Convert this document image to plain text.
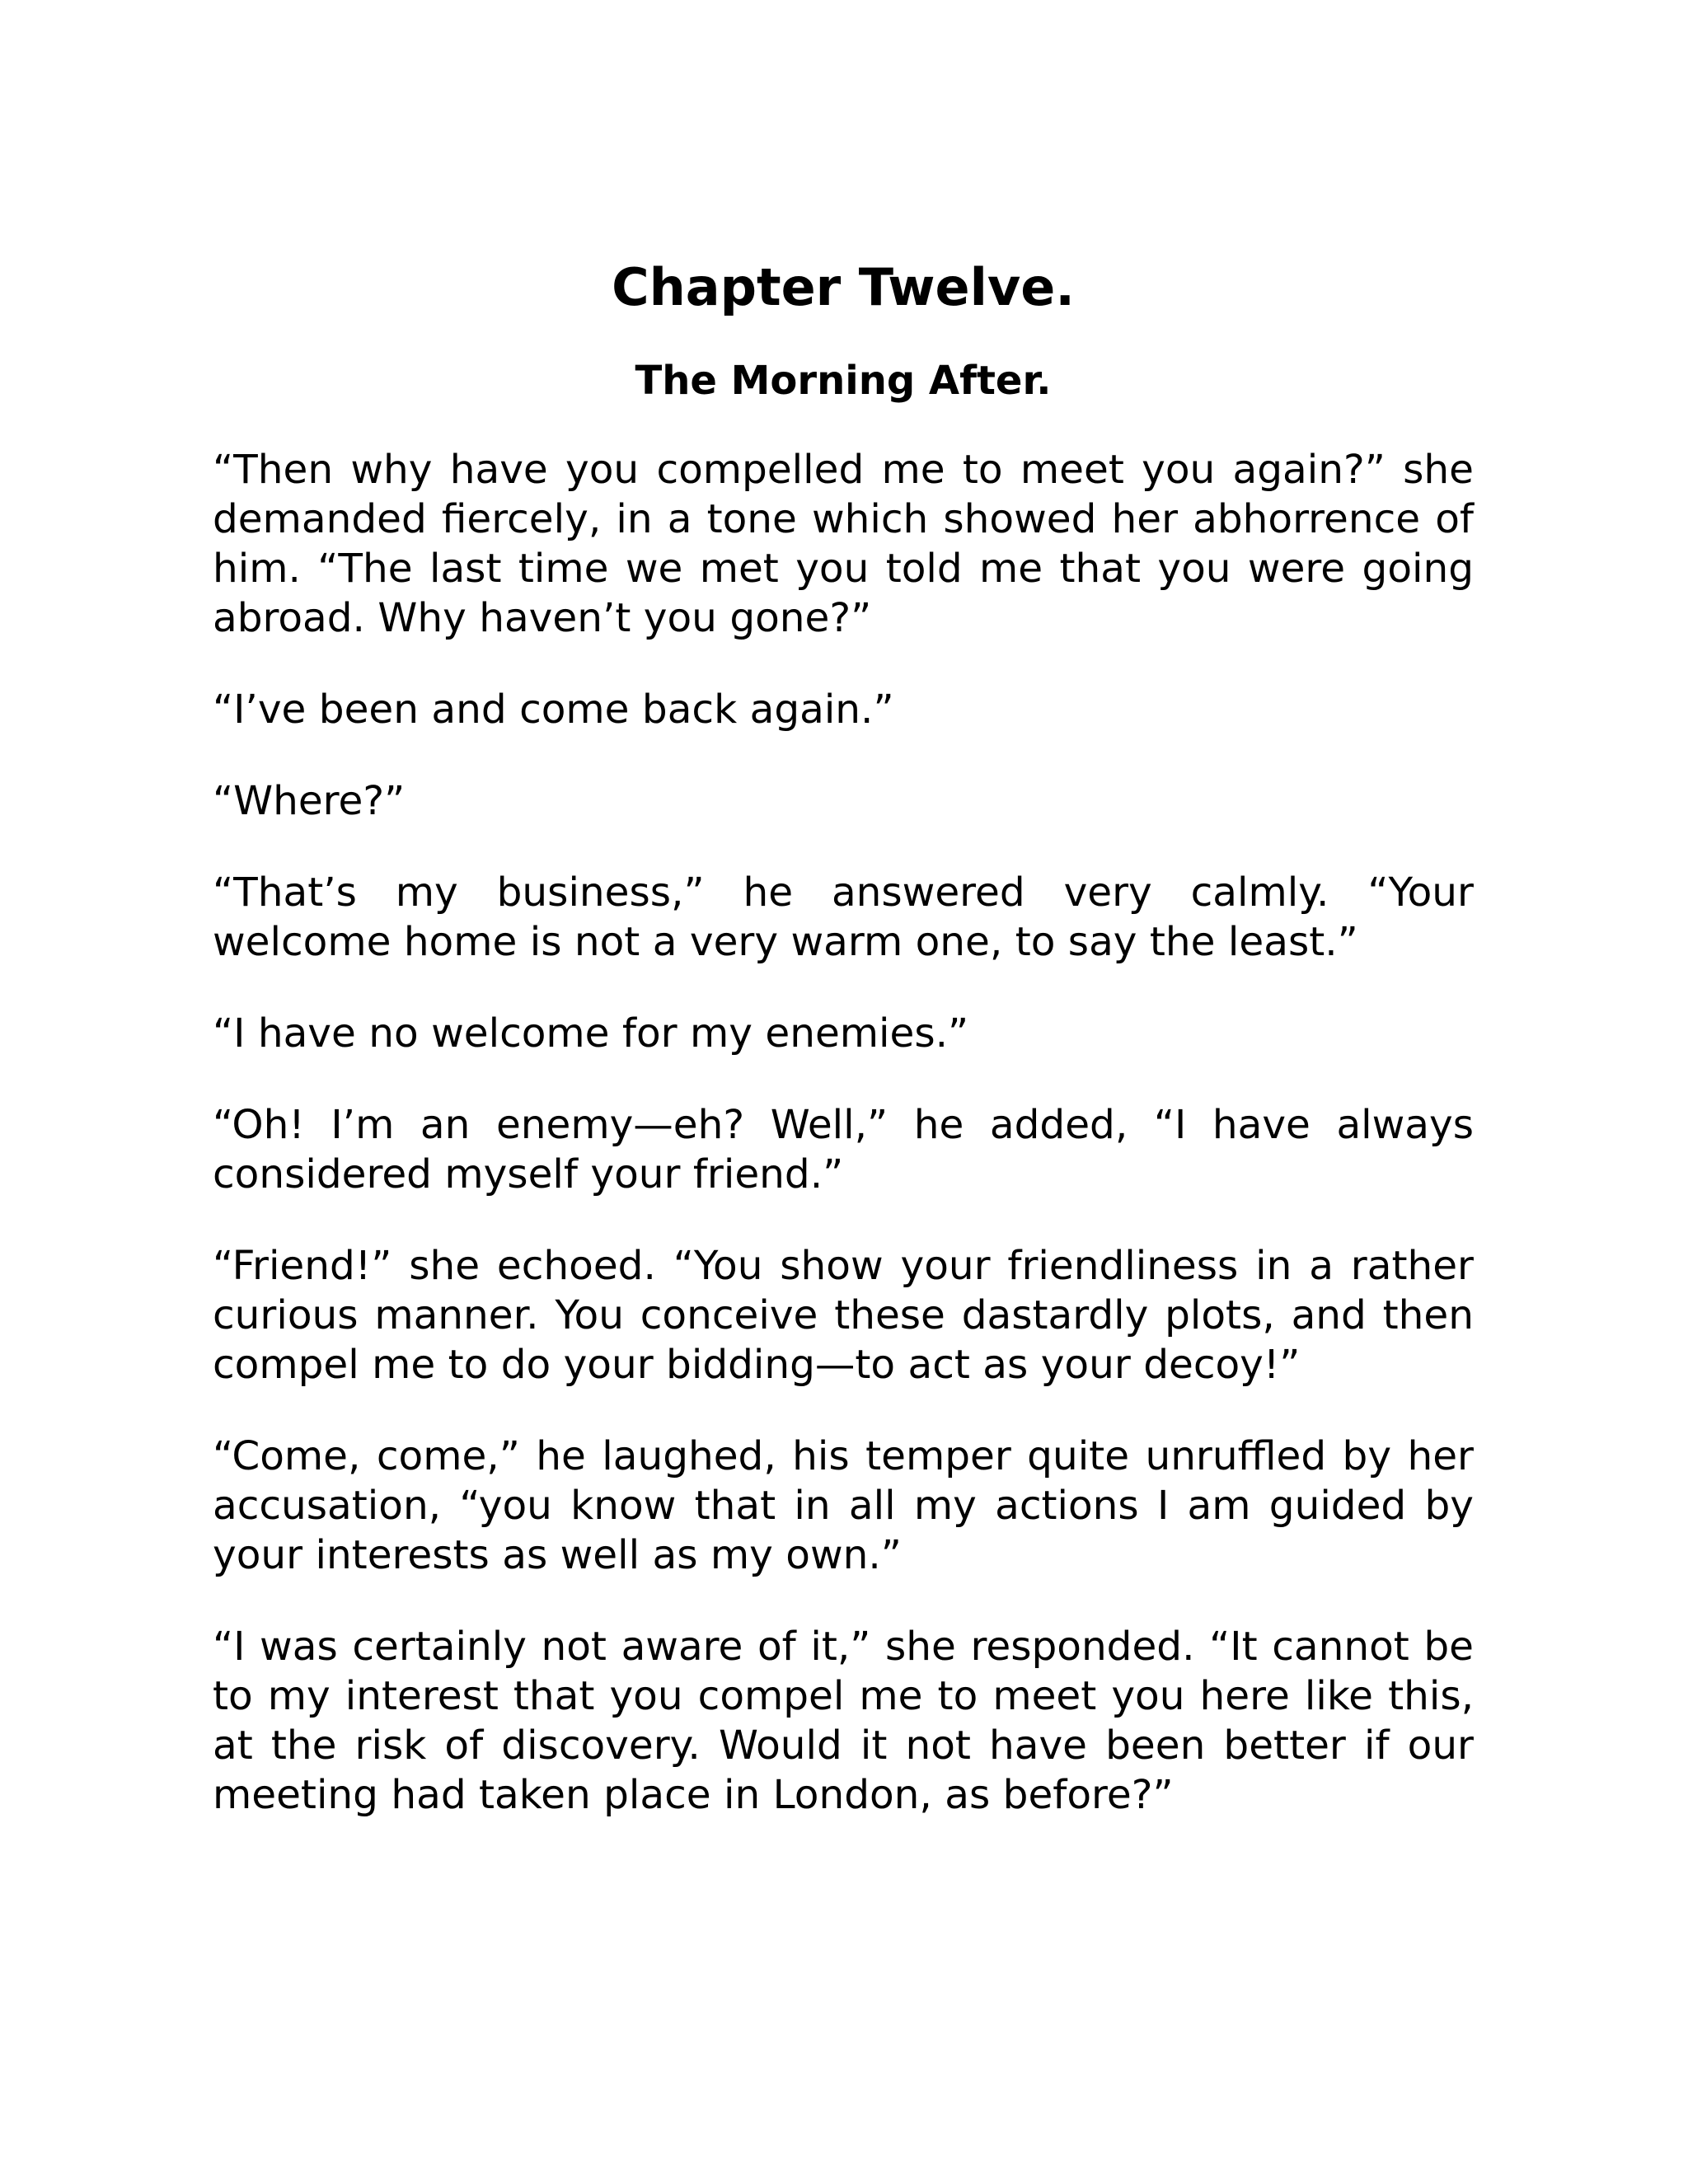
Chapter Twelve.
The Morning After.

“Then why have you compelled me to meet you again?” she demanded fiercely, in a tone which showed her abhorrence of him. “The last time we met you told me that you were going abroad. Why haven’t you gone?”

“I’ve been and come back again.”

“Where?”

“That’s my business,” he answered very calmly. “Your welcome home is not a very warm one, to say the least.”

“I have no welcome for my enemies.”

“Oh! I’m an enemy—eh? Well,” he added, “I have always considered myself your friend.”

“Friend!” she echoed. “You show your friendliness in a rather curious manner. You conceive these dastardly plots, and then compel me to do your bidding—to act as your decoy!”

“Come, come,” he laughed, his temper quite unruffled by her accusation, “you know that in all my actions I am guided by your interests as well as my own.”

“I was certainly not aware of it,” she responded. “It cannot be to my interest that you compel me to meet you here like this, at the risk of discovery. Would it not have been better if our meeting had taken place in London, as before?”
